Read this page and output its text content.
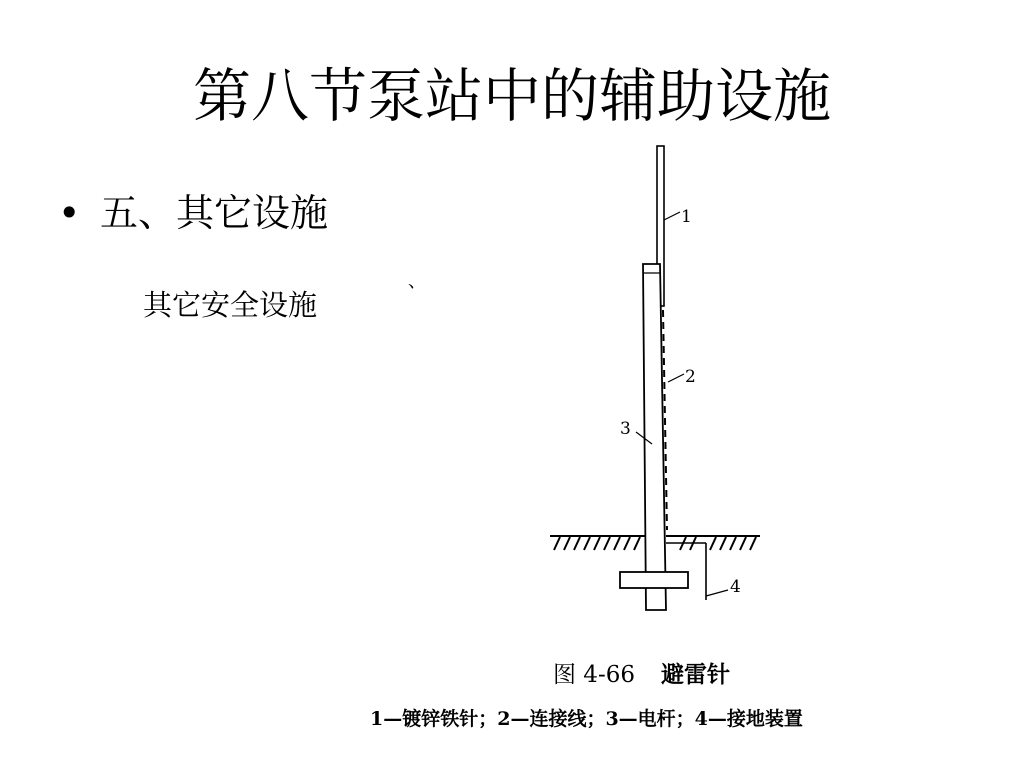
第八节泵站中的辅助设施
• 五、其它设施
其它安全设施
、
1
2
3
4
图 4-66 避雷针
1—镀锌铁针；2—连接线；3—电杆；4—接地装置
